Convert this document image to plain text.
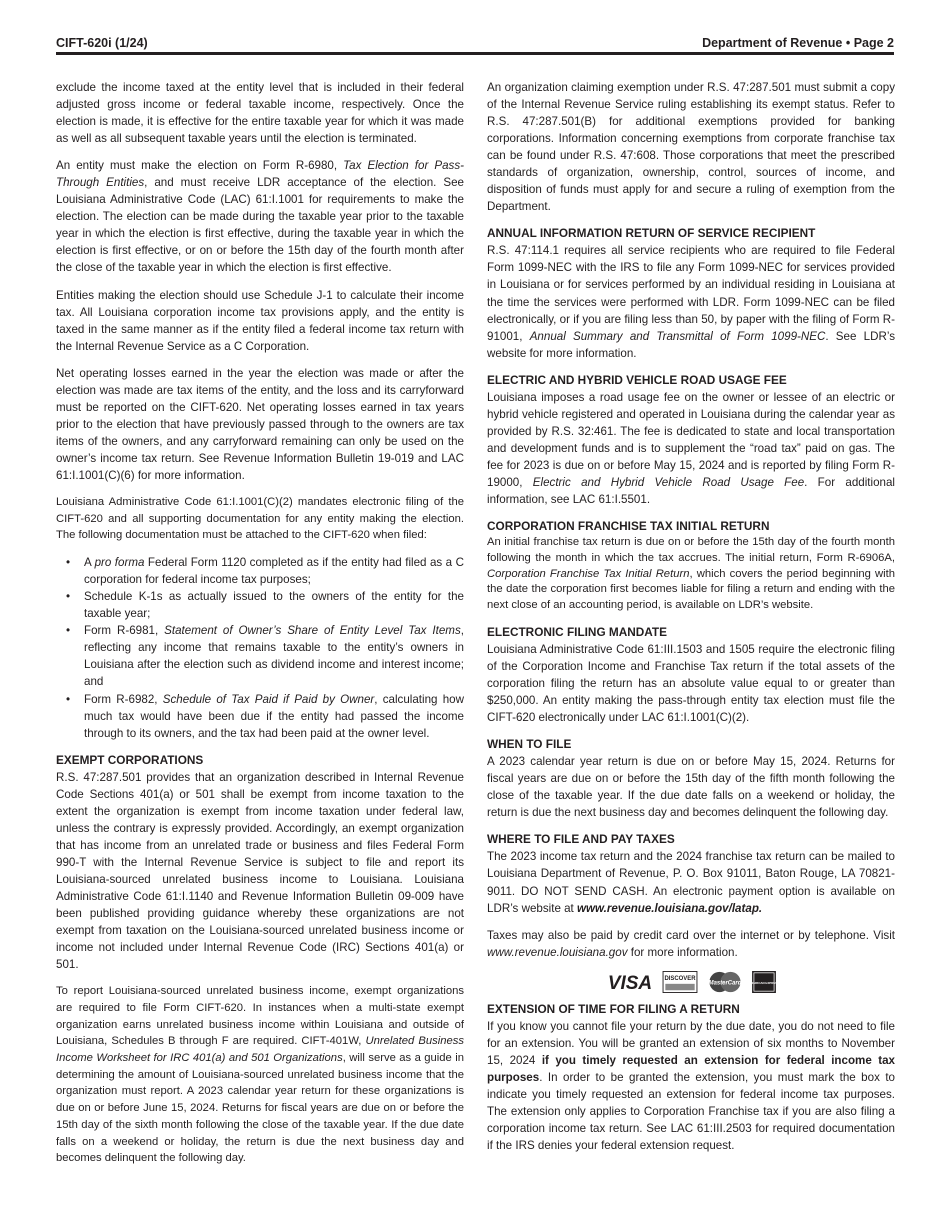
CIFT-620i (1/24)	Department of Revenue • Page 2

exclude the income taxed at the entity level that is included in their federal adjusted gross income or federal taxable income, respectively. Once the election is made, it is effective for the entire taxable year for which it was made as well as all subsequent taxable years until the election is terminated.

An entity must make the election on Form R-6980, Tax Election for Pass-Through Entities, and must receive LDR acceptance of the election. See Louisiana Administrative Code (LAC) 61:I.1001 for requirements to make the election. The election can be made during the taxable year prior to the taxable year in which the election is first effective, during the taxable year in which the election is first effective, or on or before the 15th day of the fourth month after the close of the taxable year in which the election is first effective.

Entities making the election should use Schedule J-1 to calculate their income tax. All Louisiana corporation income tax provisions apply, and the entity is taxed in the same manner as if the entity filed a federal income tax return with the Internal Revenue Service as a C Corporation.

Net operating losses earned in the year the election was made or after the election was made are tax items of the entity, and the loss and its carryforward must be reported on the CIFT-620. Net operating losses earned in tax years prior to the election that have previously passed through to the owners are tax items of the owners, and any carryforward remaining can only be used on the owner’s income tax return. See Revenue Information Bulletin 19-019 and LAC 61:I.1001(C)(6) for more information.

Louisiana Administrative Code 61:I.1001(C)(2) mandates electronic filing of the CIFT-620 and all supporting documentation for any entity making the election. The following documentation must be attached to the CIFT-620 when filed:

• A pro forma Federal Form 1120 completed as if the entity had filed as a C corporation for federal income tax purposes;
• Schedule K-1s as actually issued to the owners of the entity for the taxable year;
• Form R-6981, Statement of Owner’s Share of Entity Level Tax Items, reflecting any income that remains taxable to the entity’s owners in Louisiana after the election such as dividend income and interest income; and
• Form R-6982, Schedule of Tax Paid if Paid by Owner, calculating how much tax would have been due if the entity had passed the income through to its owners, and the tax had been paid at the owner level.
EXEMPT CORPORATIONS

R.S. 47:287.501 provides that an organization described in Internal Revenue Code Sections 401(a) or 501 shall be exempt from income taxation to the extent the organization is exempt from income taxation under federal law, unless the contrary is expressly provided. Accordingly, an exempt organization that has income from an unrelated trade or business and files Federal Form 990-T with the Internal Revenue Service is subject to file and report its Louisiana-sourced unrelated business income to Louisiana. Louisiana Administrative Code 61:I.1140 and Revenue Information Bulletin 09-009 have been published providing guidance whereby these organizations are not exempt from taxation on the Louisiana-sourced unrelated business income or income not included under Internal Revenue Code (IRC) Sections 401(a) or 501.

To report Louisiana-sourced unrelated business income, exempt organizations are required to file Form CIFT-620. In instances when a multi-state exempt organization earns unrelated business income within Louisiana and outside of Louisiana, Schedules B through F are required. CIFT-401W, Unrelated Business Income Worksheet for IRC 401(a) and 501 Organizations, will serve as a guide in determining the amount of Louisiana-sourced unrelated business income that the organization must report. A 2023 calendar year return for these organizations is due on or before June 15, 2024. Returns for fiscal years are due on or before the 15th day of the sixth month following the close of the taxable year. If the due date falls on a weekend or holiday, the return is due the next business day and becomes delinquent the following day.

An organization claiming exemption under R.S. 47:287.501 must submit a copy of the Internal Revenue Service ruling establishing its exempt status. Refer to R.S. 47:287.501(B) for additional exemptions provided for banking corporations. Information concerning exemptions from corporate franchise tax can be found under R.S. 47:608. Those corporations that meet the prescribed standards of organization, ownership, control, sources of income, and disposition of funds must apply for and secure a ruling of exemption from the Department.

ANNUAL INFORMATION RETURN OF SERVICE RECIPIENT

R.S. 47:114.1 requires all service recipients who are required to file Federal Form 1099-NEC with the IRS to file any Form 1099-NEC for services provided in Louisiana or for services performed by an individual residing in Louisiana at the time the services were performed with LDR. Form 1099-NEC can be filed electronically, or if you are filing less than 50, by paper with the filing of Form R-91001, Annual Summary and Transmittal of Form 1099-NEC. See LDR’s website for more information.

ELECTRIC AND HYBRID VEHICLE ROAD USAGE FEE

Louisiana imposes a road usage fee on the owner or lessee of an electric or hybrid vehicle registered and operated in Louisiana during the calendar year as provided by R.S. 32:461. The fee is dedicated to state and local transportation and development funds and is to supplement the “road tax” paid on gas. The fee for 2023 is due on or before May 15, 2024 and is reported by filing Form R-19000, Electric and Hybrid Vehicle Road Usage Fee. For additional information, see LAC 61:I.5501.

CORPORATION FRANCHISE TAX INITIAL RETURN

An initial franchise tax return is due on or before the 15th day of the fourth month following the month in which the tax accrues. The initial return, Form R-6906A, Corporation Franchise Tax Initial Return, which covers the period beginning with the date the corporation first becomes liable for filing a return and ending with the next close of an accounting period, is available on LDR’s website.

ELECTRONIC FILING MANDATE

Louisiana Administrative Code 61:III.1503 and 1505 require the electronic filing of the Corporation Income and Franchise Tax return if the total assets of the corporation filing the return has an absolute value equal to or greater than $250,000. An entity making the pass-through entity tax election must file the CIFT-620 electronically under LAC 61:I.1001(C)(2).

WHEN TO FILE

A 2023 calendar year return is due on or before May 15, 2024. Returns for fiscal years are due on or before the 15th day of the fifth month following the close of the taxable year. If the due date falls on a weekend or holiday, the return is due the next business day and becomes delinquent the following day.

WHERE TO FILE AND PAY TAXES

The 2023 income tax return and the 2024 franchise tax return can be mailed to Louisiana Department of Revenue, P. O. Box 91011, Baton Rouge, LA 70821-9011. DO NOT SEND CASH. An electronic payment option is available on LDR’s website at www.revenue.louisiana.gov/latap.

Taxes may also be paid by credit card over the internet or by telephone. Visit www.revenue.louisiana.gov for more information.

VISA DISCOVER
MasterCard AMERICAN EXPRESS
EXTENSION OF TIME FOR FILING A RETURN

If you know you cannot file your return by the due date, you do not need to file for an extension. You will be granted an extension of six months to November 15, 2024 if you timely requested an extension for federal income tax purposes. In order to be granted the extension, you must mark the box to indicate you timely requested an extension for federal income tax purposes. The extension only applies to Corporation Franchise tax if you are also filing a corporation income tax return. See LAC 61:III.2503 for required documentation if the IRS denies your federal extension request.
